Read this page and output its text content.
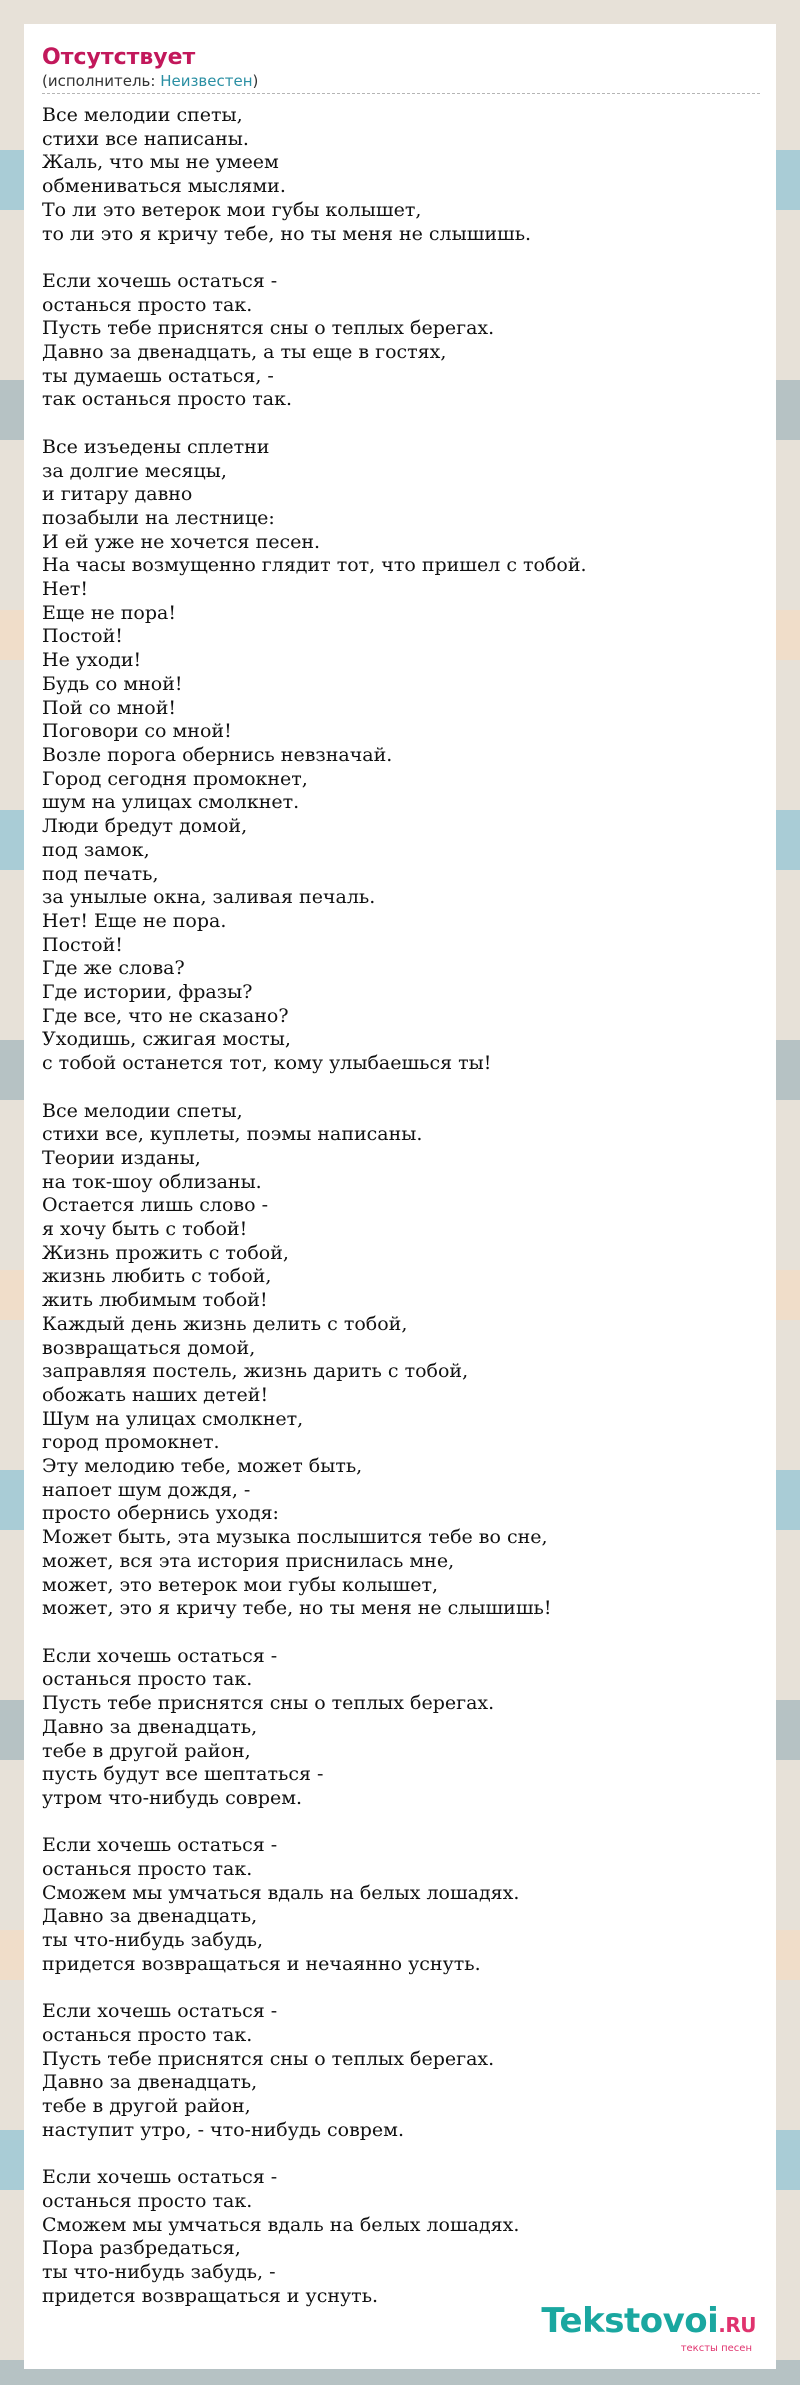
Отсутствует
(исполнитель: Неизвестен)
Все мелодии спеты,
стихи все написаны.
Жаль, что мы не умеем
обмениваться мыслями.
То ли это ветерок мои губы колышет,
то ли это я кричу тебе, но ты меня не слышишь.

Если хочешь остаться -
останься просто так.
Пусть тебе приснятся сны о теплых берегах.
Давно за двенадцать, а ты еще в гостях,
ты думаешь остаться, -
так останься просто так.

Все изъедены сплетни
за долгие месяцы,
и гитару давно
позабыли на лестнице:
И ей уже не хочется песен.
На часы возмущенно глядит тот, что пришел с тобой.
Нет!
Еще не пора!
Постой!
Не уходи!
Будь со мной!
Пой со мной!
Поговори со мной!
Возле порога обернись невзначай.
Город сегодня промокнет,
шум на улицах смолкнет.
Люди бредут домой,
под замок,
под печать,
за унылые окна, заливая печаль.
Нет! Еще не пора.
Постой!
Где же слова?
Где истории, фразы?
Где все, что не сказано?
Уходишь, сжигая мосты,
с тобой останется тот, кому улыбаешься ты!

Все мелодии спеты,
стихи все, куплеты, поэмы написаны.
Теории изданы,
на ток-шоу облизаны.
Остается лишь слово -
я хочу быть с тобой!
Жизнь прожить с тобой,
жизнь любить с тобой,
жить любимым тобой!
Каждый день жизнь делить с тобой,
возвращаться домой,
заправляя постель, жизнь дарить с тобой,
обожать наших детей!
Шум на улицах смолкнет,
город промокнет.
Эту мелодию тебе, может быть,
напоет шум дождя, -
просто обернись уходя:
Может быть, эта музыка послышится тебе во сне,
может, вся эта история приснилась мне,
может, это ветерок мои губы колышет,
может, это я кричу тебе, но ты меня не слышишь!

Если хочешь остаться -
останься просто так.
Пусть тебе приснятся сны о теплых берегах.
Давно за двенадцать,
тебе в другой район,
пусть будут все шептаться -
утром что-нибудь соврем.

Если хочешь остаться -
останься просто так.
Сможем мы умчаться вдаль на белых лошадях.
Давно за двенадцать,
ты что-нибудь забудь,
придется возвращаться и нечаянно уснуть.

Если хочешь остаться -
останься просто так.
Пусть тебе приснятся сны о теплых берегах.
Давно за двенадцать,
тебе в другой район,
наступит утро, - что-нибудь соврем.

Если хочешь остаться -
останься просто так.
Сможем мы умчаться вдаль на белых лошадях.
Пора разбредаться,
ты что-нибудь забудь, -
придется возвращаться и уснуть.
Tekstovoi.RU
тексты песен
